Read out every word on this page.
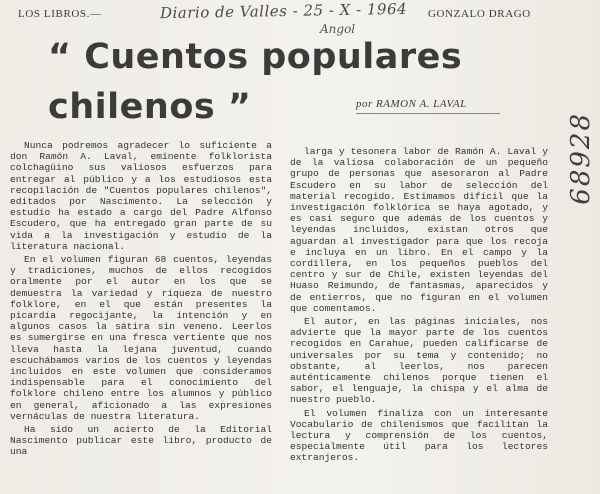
LOS LIBROS.—	Diario de Valles - 25 - X - 1964
Angol
GONZALO DRAGO
“ Cuentos populares chilenos ”	por RAMON A. LAVAL

Nunca podremos agradecer lo suficiente a don Ramón A. Laval, eminente folklorista colchagüino sus valiosos esfuerzos para entregar al público y a los estudiosos esta recopilación de "Cuentos populares chilenos", editados por Nascimento. La selección y estudio ha estado a cargo del Padre Alfonso Escudero, que ha entregado gran parte de su vida a la investigación y estudio de la literatura nacional.

En el volumen figuran 68 cuentos, leyendas y tradiciones, muchos de ellos recogidos oralmente por el autor en los que se demuestra la variedad y riqueza de nuestro folklore, en el que están presentes la picardía regocijante, la intención y en algunos casos la sátira sin veneno. Leerlos es sumergirse en una fresca vertiente que nos lleva hasta la lejana juventud, cuando escuchábamos varios de los cuentos y leyendas incluidos en este volumen que consideramos indispensable para el conocimiento del folklore chileno entre los alumnos y público en general, aficionado a las expresiones vernáculas de nuestra literatura.

Ha sido un acierto de la Editorial Nascimento publicar este libro, producto de una

larga y tesonera labor de Ramón A. Laval y de la valiosa colaboración de un pequeño grupo de personas que asesoraron al Padre Escudero en su labor de selección del material recogido. Estimamos difícil que la investigación folklórica se haya agotado, y es casi seguro que además de los cuentos y leyendas incluidos, existan otros que aguardan al investigador para que los recoja e incluya en un libro. En el campo y la cordillera, en los pequeños pueblos del centro y sur de Chile, existen leyendas del Huaso Reimundo, de fantasmas, aparecidos y de entierros, que no figuran en el volumen que comentamos.

El autor, en las páginas iniciales, nos advierte que la mayor parte de los cuentos recogidos en Carahue, pueden calificarse de universales por su tema y contenido; no obstante, al leerlos, nos parecen auténticamente chilenos porque tienen el sabor, el lenguaje, la chispa y el alma de nuestro pueblo.

El volumen finaliza con un interesante Vocabulario de chilenismos que facilitan la lectura y comprensión de los cuentos, especialmente útil para los lectores extranjeros.

68928
